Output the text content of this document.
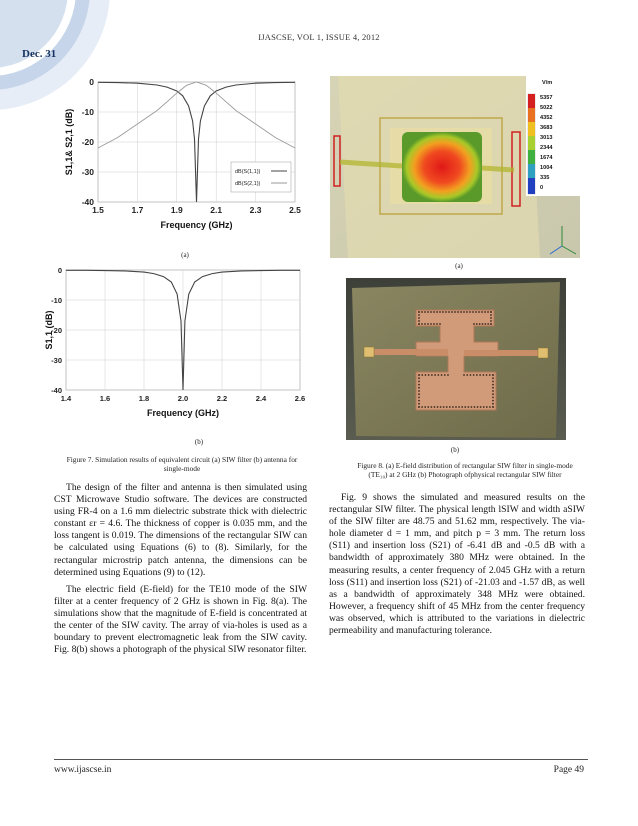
Dec. 31
IJASCSE, VOL 1, ISSUE 4, 2012
1.5	1.7	1.9	2.1	2.3	2.5
0
-10
-20
-30
-40
Frequency (GHz)
S1,1& S2,1 (dB)	dB(S(1,1))
dB(S(2,1))
(a)
1.4	1.6	1.8	2.0	2.2	2.4	2.6
0
-10
-20
-30
-40
Frequency (GHz)
S1,1 (dB)
(b)
Figure 7. Simulation results of equivalent circuit (a) SIW filter (b) antenna for single-mode
V/m
5357
5022
4352
3683
3013
2344
1674
1004
335
0
(a)
(b)
Figure 8. (a) E-field distribution of rectangular SIW filter in single-mode
(TE₁₀) at 2 GHz (b) Photograph ofphysical rectangular SIW filter

The design of the filter and antenna is then simulated using CST Microwave Studio software. The devices are constructed using FR-4 on a 1.6 mm dielectric substrate thick with dielectric constant εr = 4.6. The thickness of copper is 0.035 mm, and the loss tangent is 0.019. The dimensions of the rectangular SIW can be calculated using Equations (6) to (8). Similarly, for the rectangular microstrip patch antenna, the dimensions can be determined using Equations (9) to (12).

The electric field (E-field) for the TE10 mode of the SIW filter at a center frequency of 2 GHz is shown in Fig. 8(a). The simulations show that the magnitude of E-field is concentrated at the center of the SIW cavity. The array of via-holes is used as a boundary to prevent electromagnetic leak from the SIW cavity. Fig. 8(b) shows a photograph of the physical SIW resonator filter.

Fig. 9 shows the simulated and measured results on the rectangular SIW filter. The physical length lSIW and width aSIW of the SIW filter are 48.75 and 51.62 mm, respectively. The via-hole diameter d = 1 mm, and pitch p = 3 mm. The return loss (S11) and insertion loss (S21) of -6.41 dB and -0.5 dB with a bandwidth of approximately 380 MHz were obtained. In the measuring results, a center frequency of 2.045 GHz with a return loss (S11) and insertion loss (S21) of -21.03 and -1.57 dB, as well as a bandwidth of approximately 348 MHz were obtained. However, a frequency shift of 45 MHz from the center frequency was observed, which is attributed to the variations in dielectric permeability and manufacturing tolerance.

www.ijascse.in	Page 49
